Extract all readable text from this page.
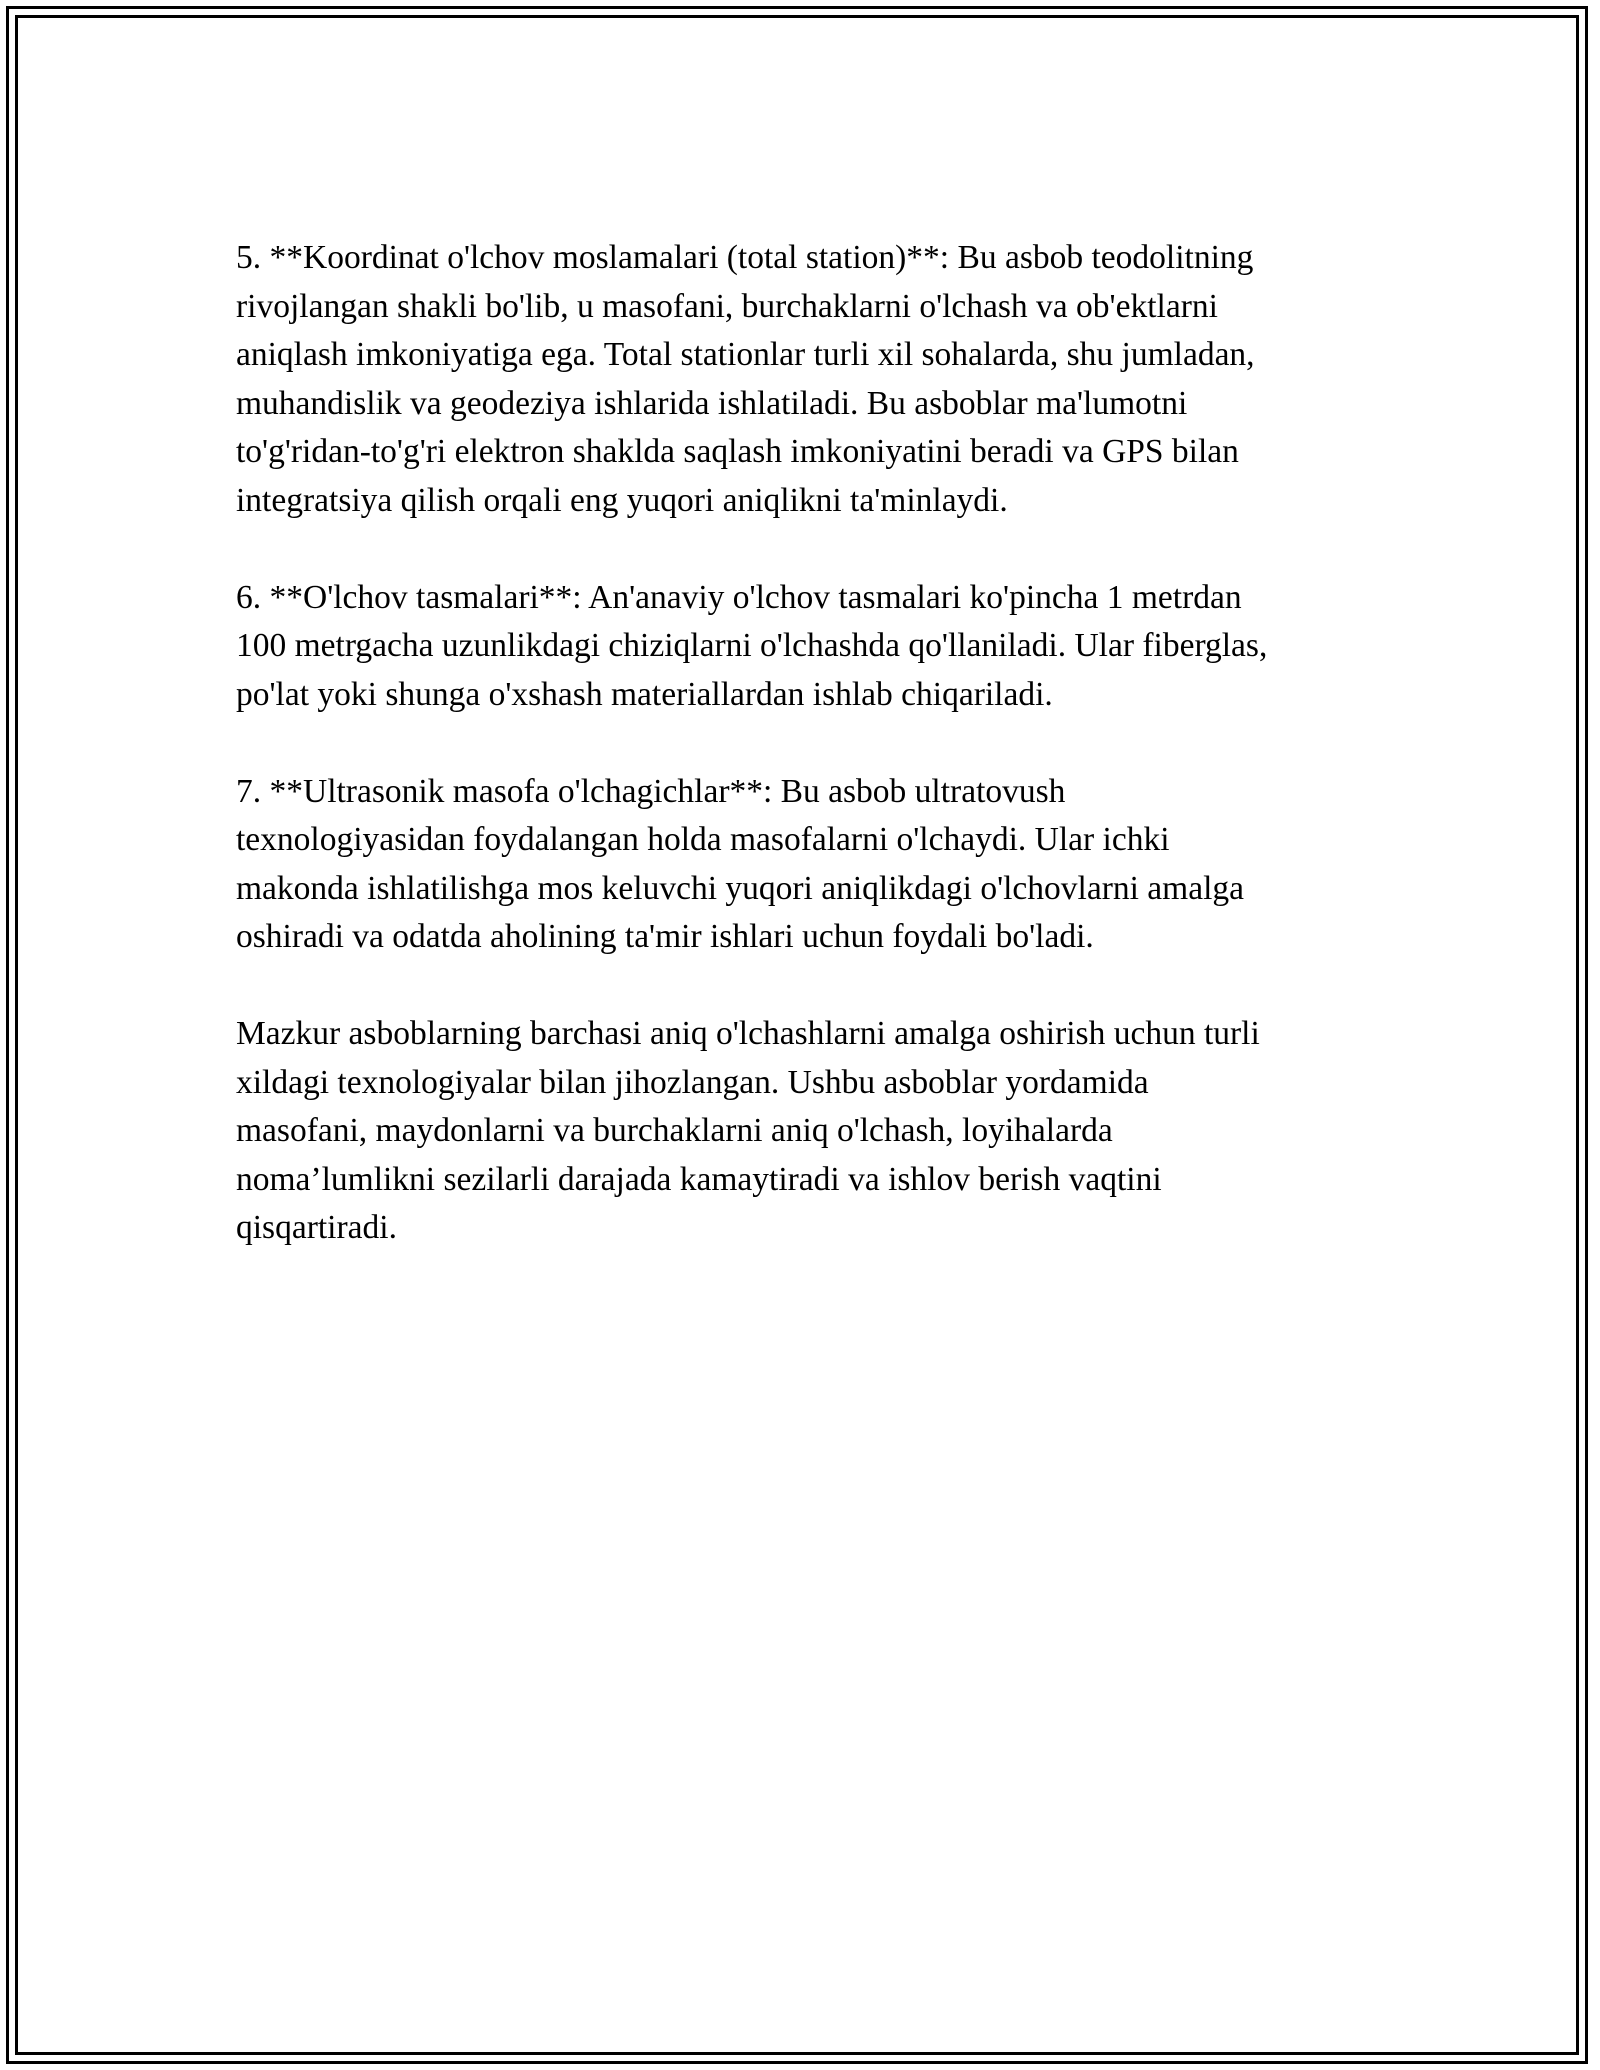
5. **Koordinat o'lchov moslamalari (total station)**: Bu asbob teodolitning
rivojlangan shakli bo'lib, u masofani, burchaklarni o'lchash va ob'ektlarni
aniqlash imkoniyatiga ega. Total stationlar turli xil sohalarda, shu jumladan,
muhandislik va geodeziya ishlarida ishlatiladi. Bu asboblar ma'lumotni
to'g'ridan-to'g'ri elektron shaklda saqlash imkoniyatini beradi va GPS bilan
integratsiya qilish orqali eng yuqori aniqlikni ta'minlaydi.

6. **O'lchov tasmalari**: An'anaviy o'lchov tasmalari ko'pincha 1 metrdan
100 metrgacha uzunlikdagi chiziqlarni o'lchashda qo'llaniladi. Ular fiberglas,
po'lat yoki shunga o'xshash materiallardan ishlab chiqariladi.

7. **Ultrasonik masofa o'lchagichlar**: Bu asbob ultratovush
texnologiyasidan foydalangan holda masofalarni o'lchaydi. Ular ichki
makonda ishlatilishga mos keluvchi yuqori aniqlikdagi o'lchovlarni amalga
oshiradi va odatda aholining ta'mir ishlari uchun foydali bo'ladi.

Mazkur asboblarning barchasi aniq o'lchashlarni amalga oshirish uchun turli
xildagi texnologiyalar bilan jihozlangan. Ushbu asboblar yordamida
masofani, maydonlarni va burchaklarni aniq o'lchash, loyihalarda
noma’lumlikni sezilarli darajada kamaytiradi va ishlov berish vaqtini
qisqartiradi.
